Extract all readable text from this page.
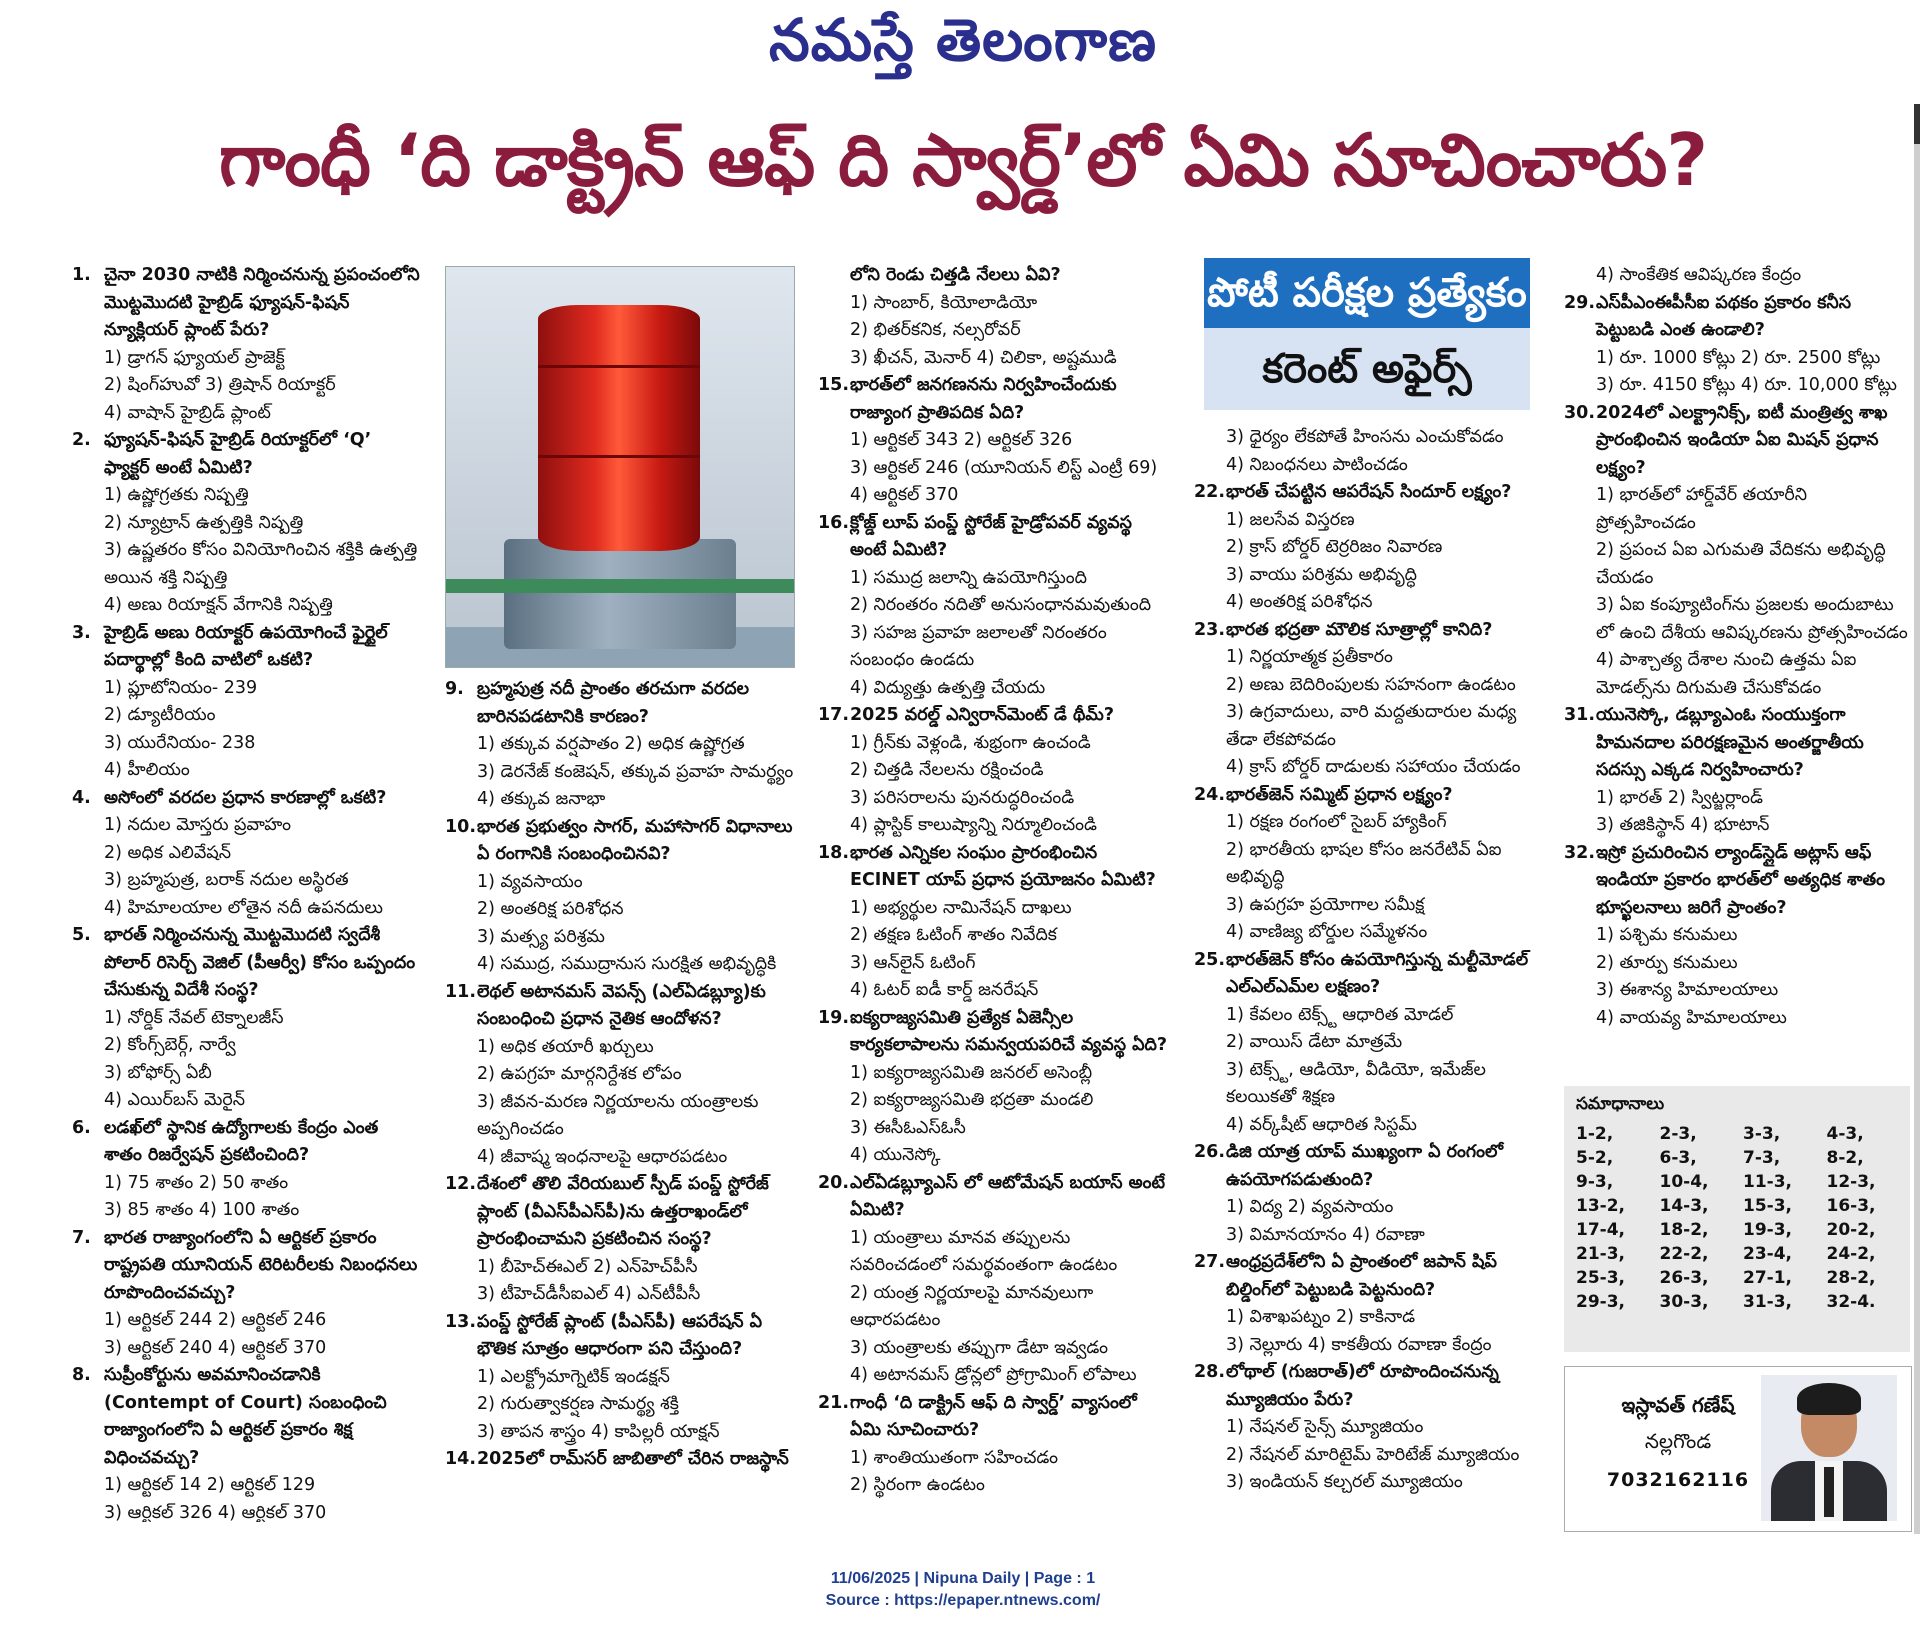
నమస్తే తెలంగాణ
గాంధీ ‘ది డాక్ట్రిన్ ఆఫ్ ది స్వార్డ్’లో ఏమి సూచించారు?
1. చైనా 2030 నాటికి నిర్మించనున్న ప్రపంచంలోని మొట్టమొదటి హైబ్రిడ్ ఫ్యూషన్-ఫిషన్ న్యూక్లియర్ ప్లాంట్ పేరు?
1) డ్రాగన్ ఫ్యూయల్ ప్రాజెక్ట్
2) షింగ్‌హువో 3) త్రిషాన్ రియాక్టర్
4) వాషాన్ హైబ్రిడ్ ప్లాంట్
2. ఫ్యూషన్-ఫిషన్ హైబ్రిడ్ రియాక్టర్‌లో ‘Q’ ఫ్యాక్టర్ అంటే ఏమిటి?
1) ఉష్ణోగ్రతకు నిష్పత్తి
2) న్యూట్రాన్ ఉత్పత్తికి నిష్పత్తి
3) ఉష్ణతరం కోసం వినియోగించిన శక్తికి ఉత్పత్తి అయిన శక్తి నిష్పత్తి
4) అణు రియాక్షన్ వేగానికి నిష్పత్తి
3. హైబ్రిడ్ అణు రియాక్టర్ ఉపయోగించే ఫైర్టైల్ పదార్థాల్లో కింది వాటిలో ఒకటి?
1) ప్లూటోనియం- 239
2) డ్యూటీరియం
3) యురేనియం- 238
4) హీలియం
4. అసోంలో వరదల ప్రధాన కారణాల్లో ఒకటి?
1) నదుల మోస్తరు ప్రవాహం
2) అధిక ఎలివేషన్
3) బ్రహ్మపుత్ర, బరాక్ నదుల అస్థిరత
4) హిమాలయాల లోతైన నదీ ఉపనదులు
5. భారత్ నిర్మించనున్న మొట్టమొదటి స్వదేశీ పోలార్ రిసెర్చ్ వెజిల్ (పీఆర్వీ) కోసం ఒప్పందం చేసుకున్న విదేశీ సంస్థ?
1) నోర్డిక్ నేవల్ టెక్నాలజీస్
2) కోంగ్స్‌బెర్గ్, నార్వే
3) బోఫోర్స్ ఏబీ
4) ఎయిర్‌బస్ మెరైన్
6. లడఖ్‌లో స్థానిక ఉద్యోగాలకు కేంద్రం ఎంత శాతం రిజర్వేషన్ ప్రకటించింది?
1) 75 శాతం 2) 50 శాతం
3) 85 శాతం 4) 100 శాతం
7. భారత రాజ్యాంగంలోని ఏ ఆర్టికల్ ప్రకారం రాష్ట్రపతి యూనియన్ టెరిటరీలకు నిబంధనలు రూపొందించవచ్చు?
1) ఆర్టికల్ 244 2) ఆర్టికల్ 246
3) ఆర్టికల్ 240 4) ఆర్టికల్ 370
8. సుప్రీంకోర్టును అవమానించడానికి (Contempt of Court) సంబంధించి రాజ్యాంగంలోని ఏ ఆర్టికల్ ప్రకారం శిక్ష విధించవచ్చు?
1) ఆర్టికల్ 14 2) ఆర్టికల్ 129
3) ఆర్టికల్ 326 4) ఆర్టికల్ 370
9. బ్రహ్మపుత్ర నదీ ప్రాంతం తరచుగా వరదల బారినపడటానికి కారణం?
1) తక్కువ వర్షపాతం 2) అధిక ఉష్ణోగ్రత
3) డెరనేజ్ కంజెషన్, తక్కువ ప్రవాహ సామర్థ్యం
4) తక్కువ జనాభా
10. భారత ప్రభుత్వం సాగర్, మహాసాగర్ విధానాలు ఏ రంగానికి సంబంధించినవి?
1) వ్యవసాయం
2) అంతరిక్ష పరిశోధన
3) మత్స్య పరిశ్రమ
4) సముద్ర, సముద్రానుస సురక్షిత అభివృద్ధికి
11. లెథల్ అటానమస్ వెపన్స్ (ఎల్ఏడబ్ల్యూ)కు సంబంధించి ప్రధాన నైతిక ఆందోళన?
1) అధిక తయారీ ఖర్చులు
2) ఉపగ్రహ మార్గనిర్దేశక లోపం
3) జీవన-మరణ నిర్ణయాలను యంత్రాలకు అప్పగించడం
4) జీవాష్మ ఇంధనాలపై ఆధారపడటం
12. దేశంలో తొలి వేరియబుల్ స్పీడ్ పంప్డ్ స్టోరేజ్ ప్లాంట్ (వీఎస్‌పీఎస్‌పీ)ను ఉత్తరాఖండ్‌లో ప్రారంభించామని ప్రకటించిన సంస్థ?
1) బీహెచ్ఈఎల్ 2) ఎన్‌హెచ్‌పీసీ
3) టీహెచ్‌డీసీఐఎల్ 4) ఎన్‌టీపీసీ
13. పంప్డ్ స్టోరేజ్ ప్లాంట్ (పీఎస్‌పీ) ఆపరేషన్ ఏ భౌతిక సూత్రం ఆధారంగా పని చేస్తుంది?
1) ఎలక్ట్రోమాగ్నెటిక్ ఇండక్షన్
2) గురుత్వాకర్షణ సామర్థ్య శక్తి
3) తాపన శాస్త్రం 4) కాపిల్లరీ యాక్షన్
14. 2025లో రామ్‌సర్ జాబితాలో చేరిన రాజస్థాన్
లోని రెండు చిత్తడి నేలలు ఏవి?
1) సాంబార్, కియోలాడియో
2) భితర్‌కనిక, నల్సరోవర్
3) ఖీచన్, మెనార్ 4) చిలికా, అష్టముడి
15. భారత్‌లో జనగణనను నిర్వహించేందుకు రాజ్యాంగ ప్రాతిపదిక ఏది?
1) ఆర్టికల్ 343 2) ఆర్టికల్ 326
3) ఆర్టికల్ 246 (యూనియన్ లిస్ట్ ఎంట్రీ 69)
4) ఆర్టికల్ 370
16. క్లోజ్డ్ లూప్ పంప్డ్ స్టోరేజ్ హైడ్రోపవర్ వ్యవస్థ అంటే ఏమిటి?
1) సముద్ర జలాన్ని ఉపయోగిస్తుంది
2) నిరంతరం నదితో అనుసంధానమవుతుంది
3) సహజ ప్రవాహ జలాలతో నిరంతరం సంబంధం ఉండదు
4) విద్యుత్తు ఉత్పత్తి చేయదు
17. 2025 వరల్డ్ ఎన్విరాన్‌మెంట్ డే థీమ్?
1) గ్రీన్‌కు వెళ్లండి, శుభ్రంగా ఉంచండి
2) చిత్తడి నేలలను రక్షించండి
3) పరిసరాలను పునరుద్ధరించండి
4) ప్లాస్టిక్ కాలుష్యాన్ని నిర్మూలించండి
18. భారత ఎన్నికల సంఘం ప్రారంభించిన ECINET యాప్ ప్రధాన ప్రయోజనం ఏమిటి?
1) అభ్యర్థుల నామినేషన్ దాఖలు
2) తక్షణ ఓటింగ్ శాతం నివేదిక
3) ఆన్‌లైన్ ఓటింగ్
4) ఓటర్ ఐడీ కార్డ్ జనరేషన్
19. ఐక్యరాజ్యసమితి ప్రత్యేక ఏజెన్సీల కార్యకలాపాలను సమన్వయపరిచే వ్యవస్థ ఏది?
1) ఐక్యరాజ్యసమితి జనరల్ అసెంబ్లీ
2) ఐక్యరాజ్యసమితి భద్రతా మండలి
3) ఈసీఓఎస్ఓసీ
4) యునెస్కో
20. ఎల్ఏడబ్ల్యూఎస్ లో ఆటోమేషన్ బయాస్ అంటే ఏమిటి?
1) యంత్రాలు మానవ తప్పులను సవరించడంలో సమర్థవంతంగా ఉండటం
2) యంత్ర నిర్ణయాలపై మానవులుగా ఆధారపడటం
3) యంత్రాలకు తప్పుగా డేటా ఇవ్వడం
4) అటానమస్ డ్రోన్లలో ప్రోగ్రామింగ్ లోపాలు
21. గాంధీ ‘ది డాక్ట్రిన్ ఆఫ్ ది స్వార్డ్’ వ్యాసంలో ఏమి సూచించారు?
1) శాంతియుతంగా సహించడం
2) స్థిరంగా ఉండటం
పోటీ పరీక్షల ప్రత్యేకం
కరెంట్ అఫైర్స్
3) ధైర్యం లేకపోతే హింసను ఎంచుకోవడం
4) నిబంధనలు పాటించడం
22. భారత్ చేపట్టిన ఆపరేషన్ సిందూర్ లక్ష్యం?
1) జలసేవ విస్తరణ
2) క్రాస్ బోర్డర్ టెర్రరిజం నివారణ
3) వాయు పరిశ్రమ అభివృద్ధి
4) అంతరిక్ష పరిశోధన
23. భారత భద్రతా మౌలిక సూత్రాల్లో కానిది?
1) నిర్ణయాత్మక ప్రతీకారం
2) అణు బెదిరింపులకు సహనంగా ఉండటం
3) ఉగ్రవాదులు, వారి మద్దతుదారుల మధ్య తేడా లేకపోవడం
4) క్రాస్ బోర్డర్ దాడులకు సహాయం చేయడం
24. భారత్‌జెన్ సమ్మిట్ ప్రధాన లక్ష్యం?
1) రక్షణ రంగంలో సైబర్ హ్యాకింగ్
2) భారతీయ భాషల కోసం జనరేటివ్ ఏఐ అభివృద్ధి
3) ఉపగ్రహ ప్రయోగాల సమీక్ష
4) వాణిజ్య బోర్డుల సమ్మేళనం
25. భారత్‌జెన్ కోసం ఉపయోగిస్తున్న మల్టీమోడల్ ఎల్ఎల్ఎమ్‌ల లక్షణం?
1) కేవలం టెక్స్ట్ ఆధారిత మోడల్
2) వాయిస్ డేటా మాత్రమే
3) టెక్స్ట్, ఆడియో, వీడియో, ఇమేజ్‌ల కలయికతో శిక్షణ
4) వర్క్‌షీట్ ఆధారిత సిస్టమ్
26. డిజి యాత్ర యాప్ ముఖ్యంగా ఏ రంగంలో ఉపయోగపడుతుంది?
1) విద్య 2) వ్యవసాయం
3) విమానయానం 4) రవాణా
27. ఆంధ్రప్రదేశ్‌లోని ఏ ప్రాంతంలో జపాన్ షిప్ బిల్డింగ్‌లో పెట్టుబడి పెట్టనుంది?
1) విశాఖపట్నం 2) కాకినాడ
3) నెల్లూరు 4) కాకతీయ రవాణా కేంద్రం
28. లోథాల్ (గుజరాత్)లో రూపొందించనున్న మ్యూజియం పేరు?
1) నేషనల్ సైన్స్ మ్యూజియం
2) నేషనల్ మారిటైమ్ హెరిటేజ్ మ్యూజియం
3) ఇండియన్ కల్చరల్ మ్యూజియం
4) సాంకేతిక ఆవిష్కరణ కేంద్రం
29. ఎస్‌పీఎంఈపీసీఐ పథకం ప్రకారం కనీస పెట్టుబడి ఎంత ఉండాలి?
1) రూ. 1000 కోట్లు 2) రూ. 2500 కోట్లు
3) రూ. 4150 కోట్లు 4) రూ. 10,000 కోట్లు
30. 2024లో ఎలక్ట్రానిక్స్, ఐటీ మంత్రిత్వ శాఖ ప్రారంభించిన ఇండియా ఏఐ మిషన్ ప్రధాన లక్ష్యం?
1) భారత్‌లో హార్డ్‌వేర్ తయారీని ప్రోత్సహించడం
2) ప్రపంచ ఏఐ ఎగుమతి వేదికను అభివృద్ధి చేయడం
3) ఏఐ కంప్యూటింగ్‌ను ప్రజలకు అందుబాటు లో ఉంచి దేశీయ ఆవిష్కరణను ప్రోత్సహించడం
4) పాశ్చాత్య దేశాల నుంచి ఉత్తమ ఏఐ మోడల్స్‌ను దిగుమతి చేసుకోవడం
31. యునెస్కో, డబ్ల్యూఎంఓ సంయుక్తంగా హిమనదాల పరిరక్షణమైన అంతర్జాతీయ సదస్సు ఎక్కడ నిర్వహించారు?
1) భారత్ 2) స్విట్జర్లాండ్
3) తజికిస్థాన్ 4) భూటాన్
32. ఇస్రో ప్రచురించిన ల్యాండ్‌స్లైడ్ అట్లాస్ ఆఫ్ ఇండియా ప్రకారం భారత్‌లో అత్యధిక శాతం భూస్ఖలనాలు జరిగే ప్రాంతం?
1) పశ్చిమ కనుమలు
2) తూర్పు కనుమలు
3) ఈశాన్య హిమాలయాలు
4) వాయవ్య హిమాలయాలు
సమాధానాలు
1-2,	2-3,	3-3,	4-3,
5-2,	6-3,	7-3,	8-2,
9-3,	10-4,	11-3,	12-3,
13-2,	14-3,	15-3,	16-3,
17-4,	18-2,	19-3,	20-2,
21-3,	22-2,	23-4,	24-2,
25-3,	26-3,	27-1,	28-2,
29-3,	30-3,	31-3,	32-4.
ఇస్లావత్ గణేష్
నల్లగొండ
7032162116
11/06/2025 | Nipuna Daily | Page : 1
Source : https://epaper.ntnews.com/
